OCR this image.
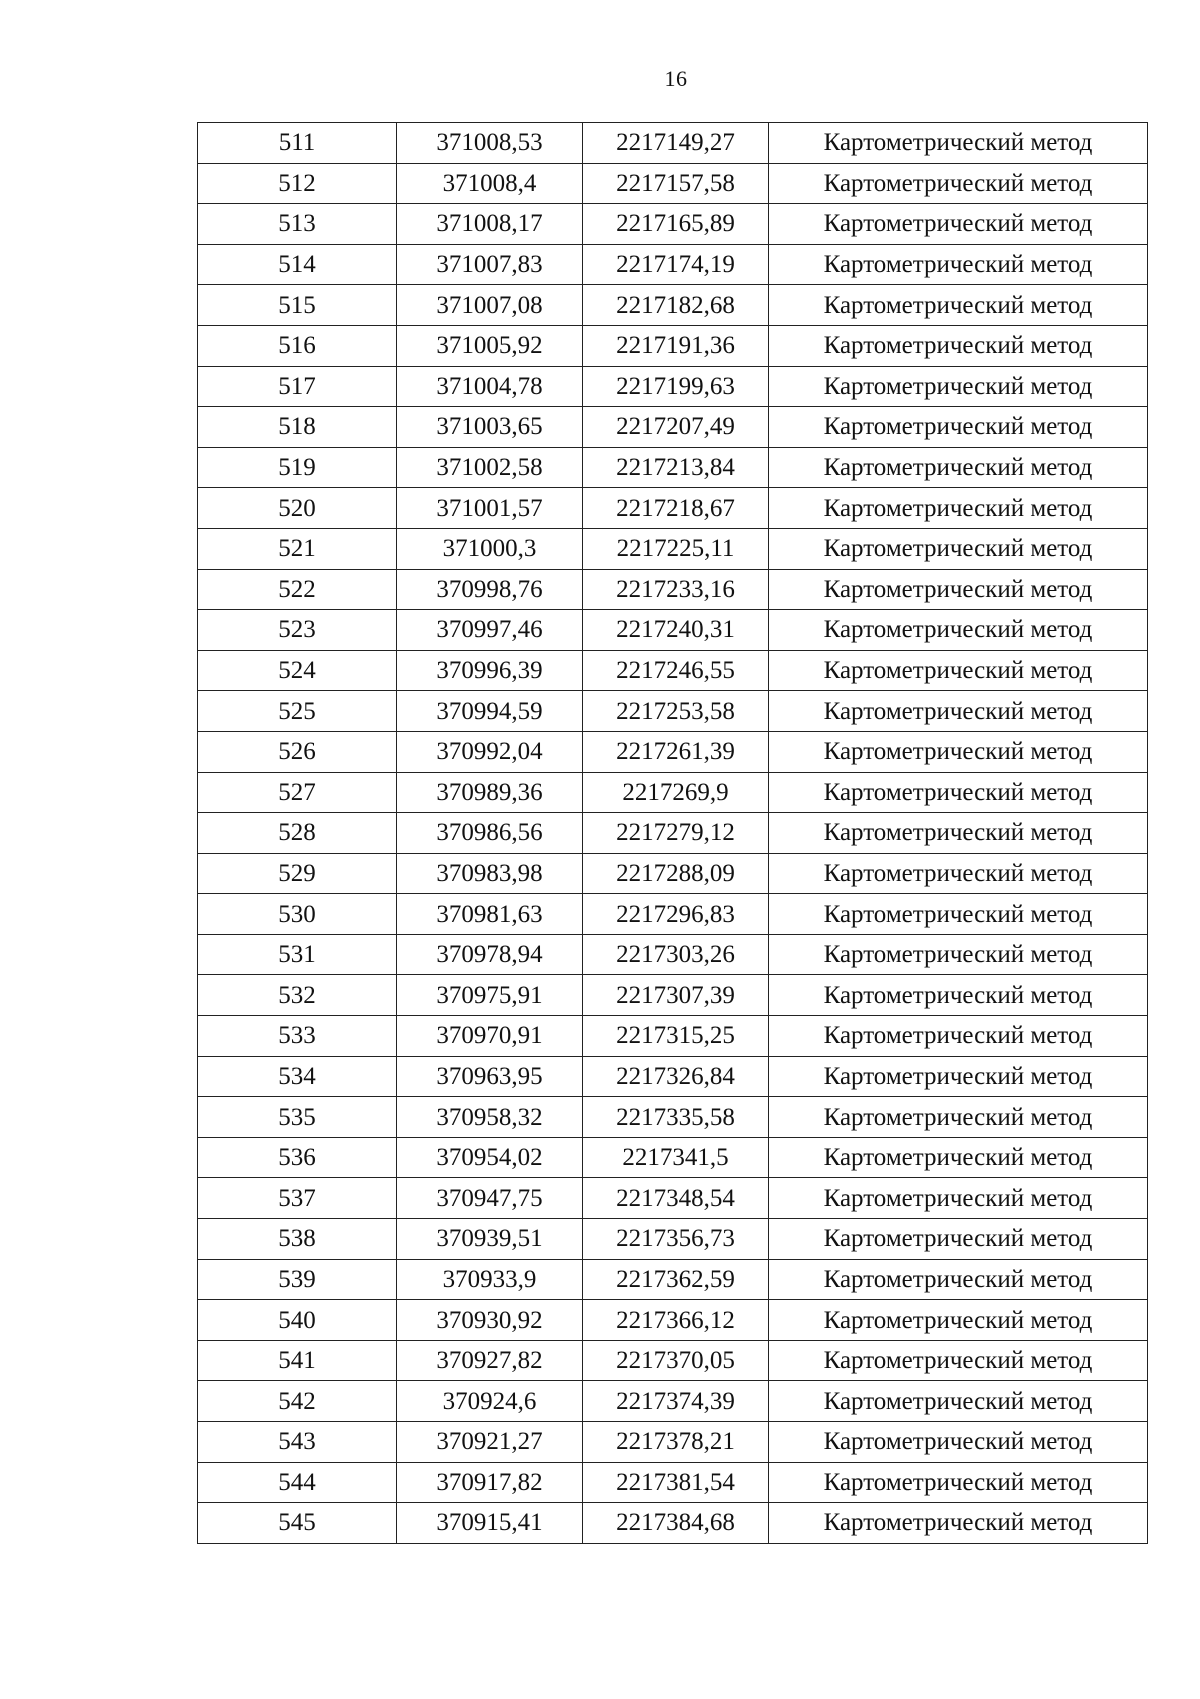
16
511	371008,53	2217149,27	Картометрический метод
512	371008,4	2217157,58	Картометрический метод
513	371008,17	2217165,89	Картометрический метод
514	371007,83	2217174,19	Картометрический метод
515	371007,08	2217182,68	Картометрический метод
516	371005,92	2217191,36	Картометрический метод
517	371004,78	2217199,63	Картометрический метод
518	371003,65	2217207,49	Картометрический метод
519	371002,58	2217213,84	Картометрический метод
520	371001,57	2217218,67	Картометрический метод
521	371000,3	2217225,11	Картометрический метод
522	370998,76	2217233,16	Картометрический метод
523	370997,46	2217240,31	Картометрический метод
524	370996,39	2217246,55	Картометрический метод
525	370994,59	2217253,58	Картометрический метод
526	370992,04	2217261,39	Картометрический метод
527	370989,36	2217269,9	Картометрический метод
528	370986,56	2217279,12	Картометрический метод
529	370983,98	2217288,09	Картометрический метод
530	370981,63	2217296,83	Картометрический метод
531	370978,94	2217303,26	Картометрический метод
532	370975,91	2217307,39	Картометрический метод
533	370970,91	2217315,25	Картометрический метод
534	370963,95	2217326,84	Картометрический метод
535	370958,32	2217335,58	Картометрический метод
536	370954,02	2217341,5	Картометрический метод
537	370947,75	2217348,54	Картометрический метод
538	370939,51	2217356,73	Картометрический метод
539	370933,9	2217362,59	Картометрический метод
540	370930,92	2217366,12	Картометрический метод
541	370927,82	2217370,05	Картометрический метод
542	370924,6	2217374,39	Картометрический метод
543	370921,27	2217378,21	Картометрический метод
544	370917,82	2217381,54	Картометрический метод
545	370915,41	2217384,68	Картометрический метод
